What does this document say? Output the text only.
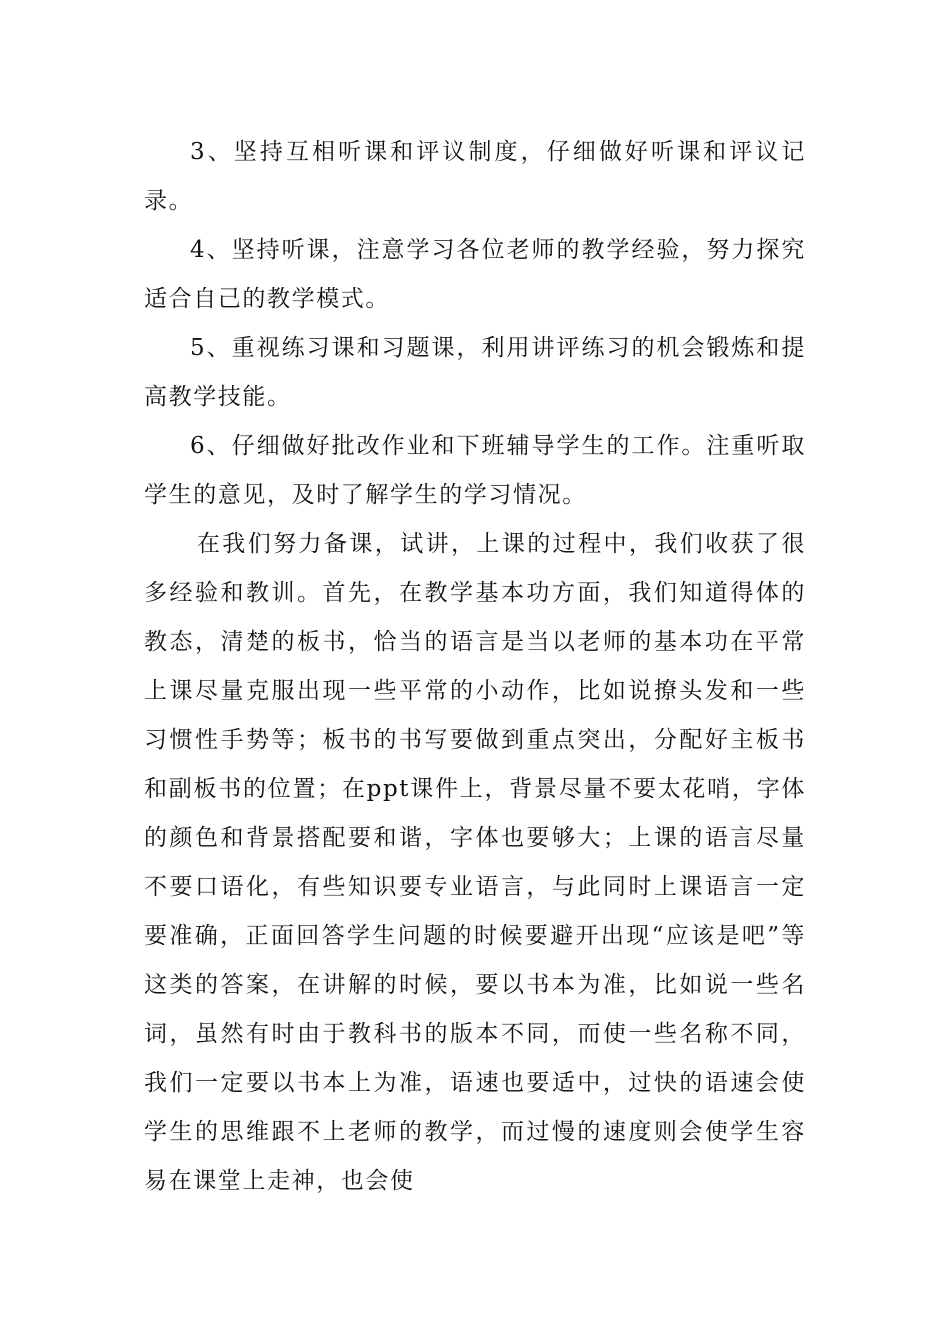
3、坚持互相听课和评议制度，仔细做好听课和评议记录。

4、坚持听课，注意学习各位老师的教学经验，努力探究适合自己的教学模式。

5、重视练习课和习题课，利用讲评练习的机会锻炼和提高教学技能。

6、仔细做好批改作业和下班辅导学生的工作。注重听取学生的意见，及时了解学生的学习情况。

在我们努力备课，试讲，上课的过程中，我们收获了很多经验和教训。首先，在教学基本功方面，我们知道得体的教态，清楚的板书，恰当的语言是当以老师的基本功在平常上课尽量克服出现一些平常的小动作，比如说撩头发和一些习惯性手势等；板书的书写要做到重点突出，分配好主板书和副板书的位置；在ppt课件上，背景尽量不要太花哨，字体的颜色和背景搭配要和谐，字体也要够大；上课的语言尽量不要口语化，有些知识要专业语言，与此同时上课语言一定要准确，正面回答学生问题的时候要避开出现“应该是吧”等这类的答案，在讲解的时候，要以书本为准，比如说一些名词，虽然有时由于教科书的版本不同，而使一些名称不同，我们一定要以书本上为准，语速也要适中，过快的语速会使学生的思维跟不上老师的教学，而过慢的速度则会使学生容易在课堂上走神，也会使
